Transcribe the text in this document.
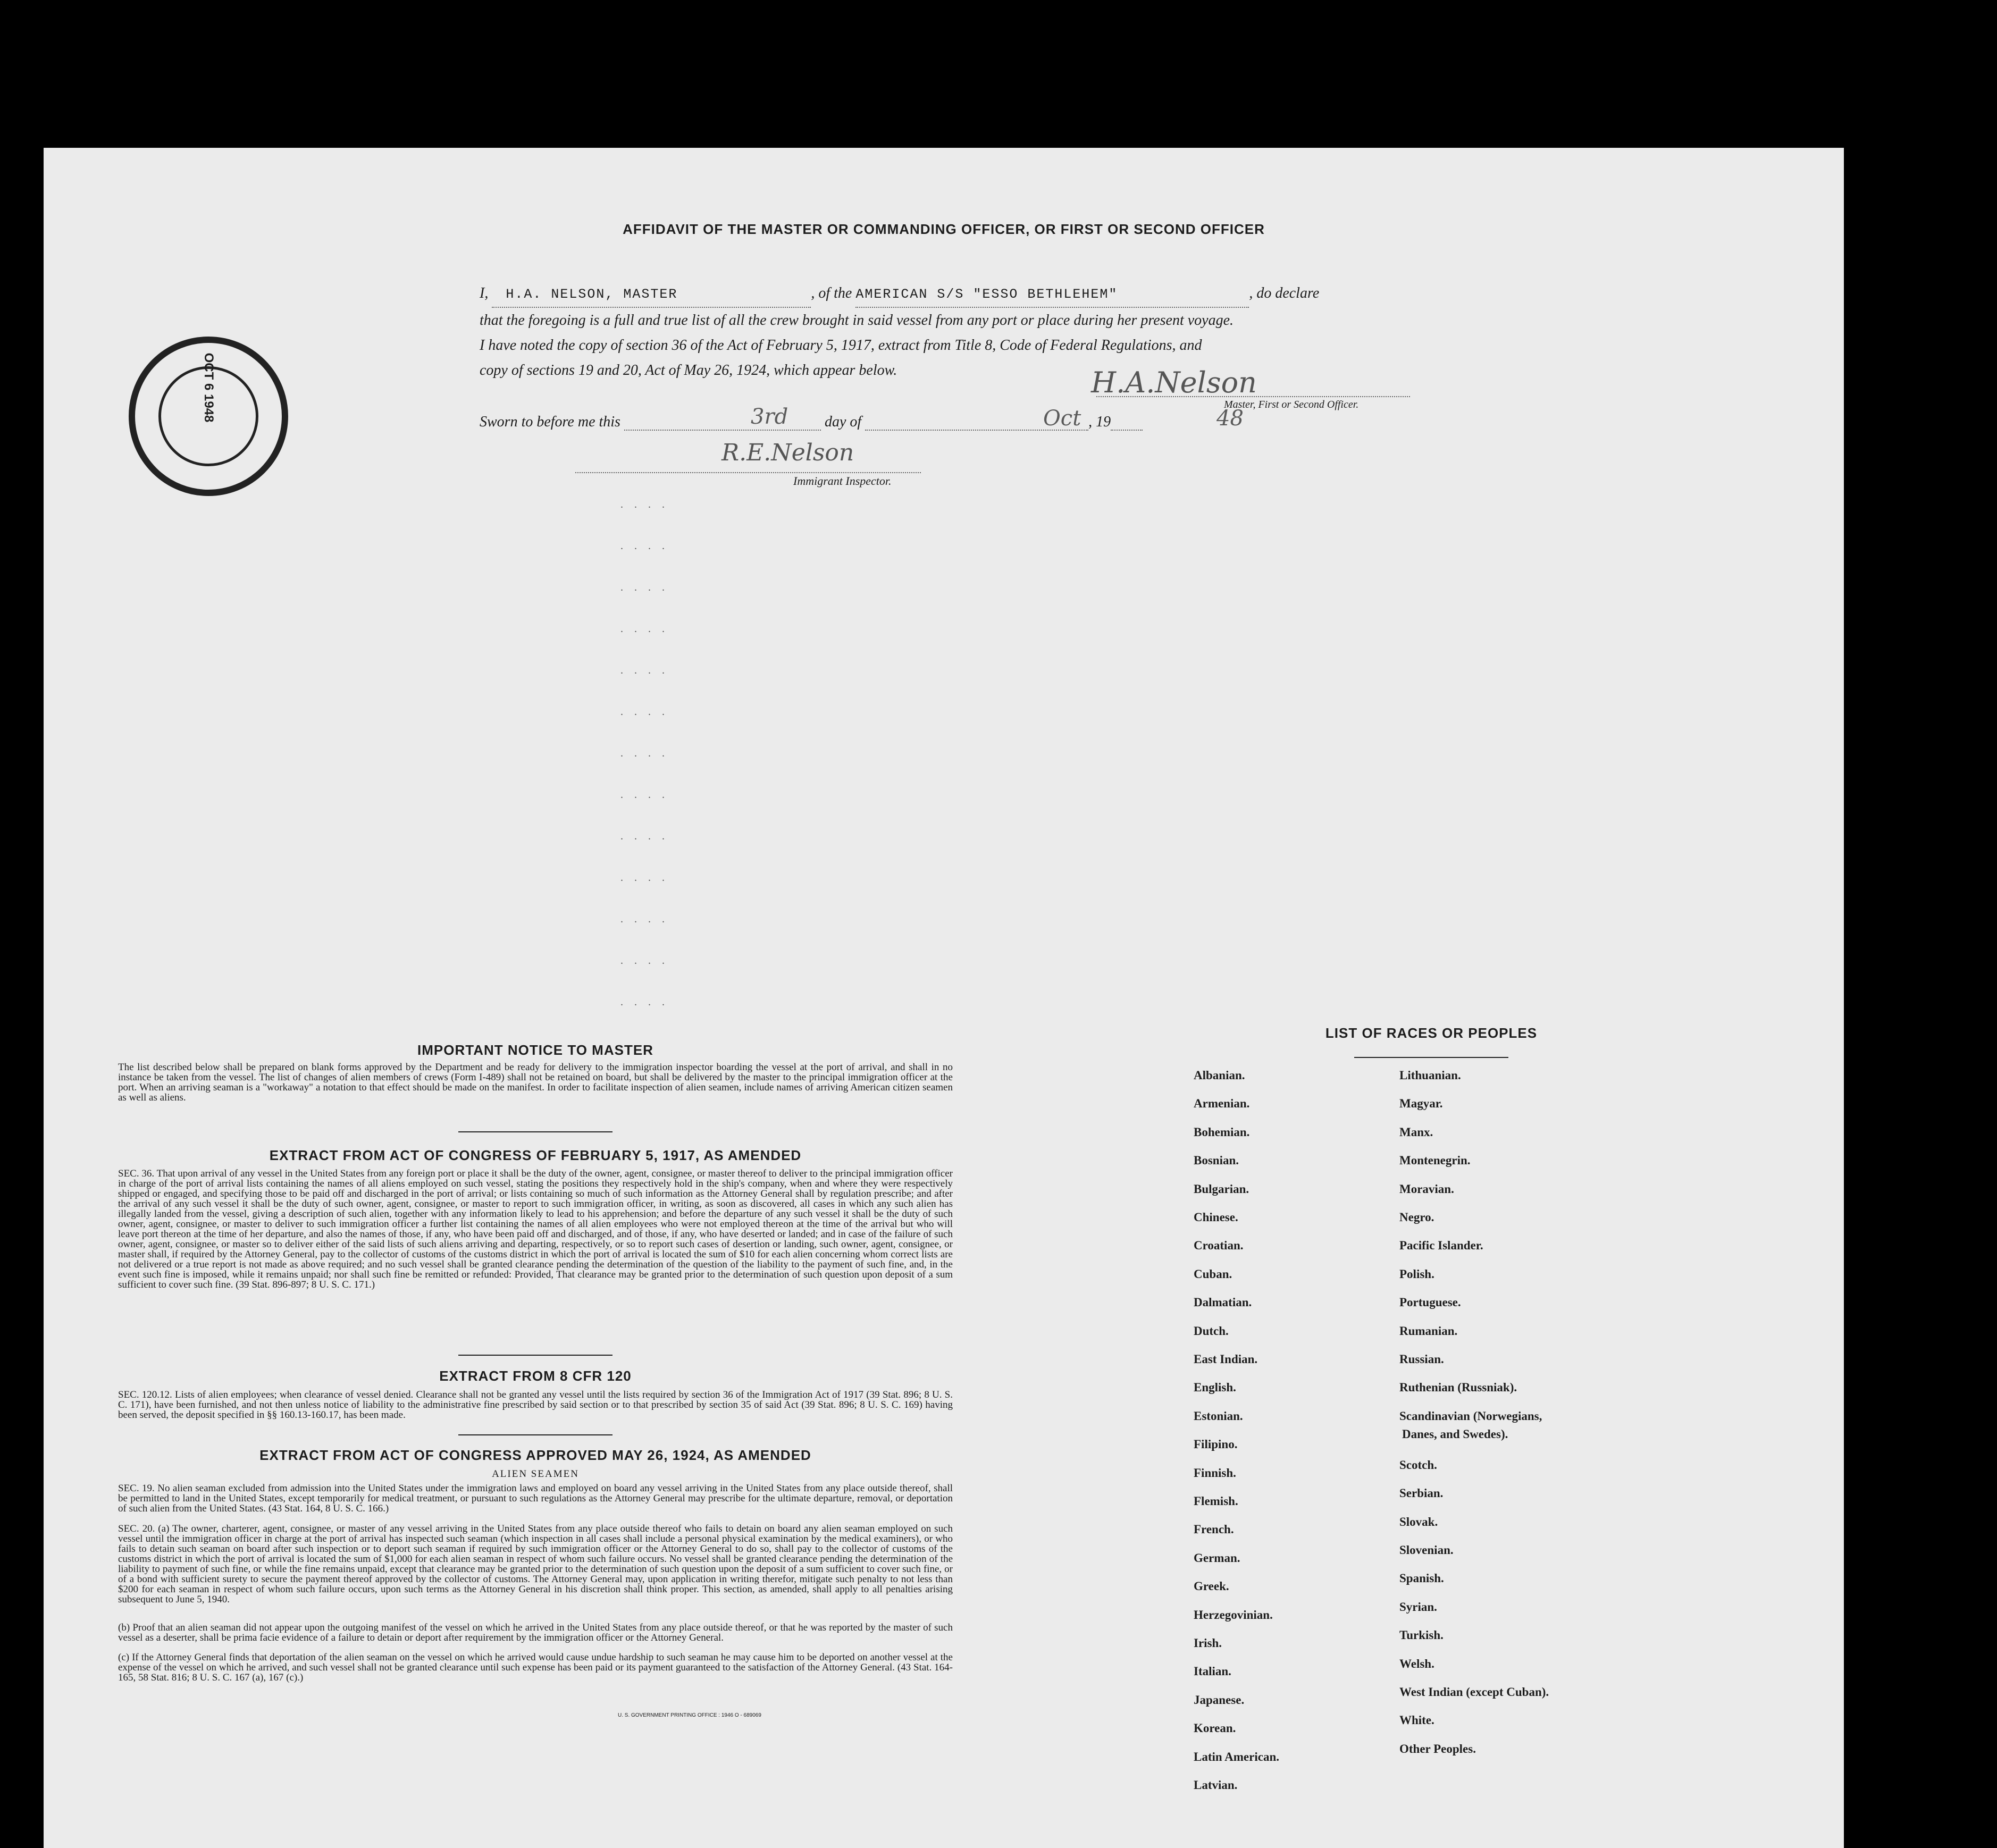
AFFIDAVIT OF THE MASTER OR COMMANDING OFFICER, OR FIRST OR SECOND OFFICER
I, H.A. NELSON, MASTER	, of the AMERICAN S/S "ESSO BETHLEHEM"	, do declare
that the foregoing is a full and true list of all the crew brought in said vessel from any port or place during her present voyage.
I have noted the copy of section 36 of the Act of February 5, 1917, extract from Title 8, Code of Federal Regulations, and
copy of sections 19 and 20, Act of May 26, 1924, which appear below.
OCT 6 1948	H.A.Nelson
Master, First or Second Officer.
Sworn to before me this	day of	, 19
3rd	Oct	48
R.E.Nelson
Immigrant Inspector.
. . . .
. . . .
. . . .
. . . .
. . . .
. . . .
. . . .
. . . .
. . . .
. . . .
. . . .
. . . .
. . . .
IMPORTANT NOTICE TO MASTER
The list described below shall be prepared on blank forms approved by the Department and be ready for delivery to the immigration inspector boarding the vessel at the port of arrival, and shall in no instance be taken from the vessel. The list of changes of alien members of crews (Form I-489) shall not be retained on board, but shall be delivered by the master to the principal immigration officer at the port. When an arriving seaman is a "workaway" a notation to that effect should be made on the manifest. In order to facilitate inspection of alien seamen, include names of arriving American citizen seamen as well as aliens.
EXTRACT FROM ACT OF CONGRESS OF FEBRUARY 5, 1917, AS AMENDED
SEC. 36. That upon arrival of any vessel in the United States from any foreign port or place it shall be the duty of the owner, agent, consignee, or master thereof to deliver to the principal immigration officer in charge of the port of arrival lists containing the names of all aliens employed on such vessel, stating the positions they respectively hold in the ship's company, when and where they were respectively shipped or engaged, and specifying those to be paid off and discharged in the port of arrival; or lists containing so much of such information as the Attorney General shall by regulation prescribe; and after the arrival of any such vessel it shall be the duty of such owner, agent, consignee, or master to report to such immigration officer, in writing, as soon as discovered, all cases in which any such alien has illegally landed from the vessel, giving a description of such alien, together with any information likely to lead to his apprehension; and before the departure of any such vessel it shall be the duty of such owner, agent, consignee, or master to deliver to such immigration officer a further list containing the names of all alien employees who were not employed thereon at the time of the arrival but who will leave port thereon at the time of her departure, and also the names of those, if any, who have been paid off and discharged, and of those, if any, who have deserted or landed; and in case of the failure of such owner, agent, consignee, or master so to deliver either of the said lists of such aliens arriving and departing, respectively, or so to report such cases of desertion or landing, such owner, agent, consignee, or master shall, if required by the Attorney General, pay to the collector of customs of the customs district in which the port of arrival is located the sum of $10 for each alien concerning whom correct lists are not delivered or a true report is not made as above required; and no such vessel shall be granted clearance pending the determination of the question of the liability to the payment of such fine, and, in the event such fine is imposed, while it remains unpaid; nor shall such fine be remitted or refunded: Provided, That clearance may be granted prior to the determination of such question upon deposit of a sum sufficient to cover such fine. (39 Stat. 896-897; 8 U. S. C. 171.)
EXTRACT FROM 8 CFR 120
SEC. 120.12. Lists of alien employees; when clearance of vessel denied. Clearance shall not be granted any vessel until the lists required by section 36 of the Immigration Act of 1917 (39 Stat. 896; 8 U. S. C. 171), have been furnished, and not then unless notice of liability to the administrative fine prescribed by said section or to that prescribed by section 35 of said Act (39 Stat. 896; 8 U. S. C. 169) having been served, the deposit specified in §§ 160.13-160.17, has been made.
EXTRACT FROM ACT OF CONGRESS APPROVED MAY 26, 1924, AS AMENDED
ALIEN SEAMEN
SEC. 19. No alien seaman excluded from admission into the United States under the immigration laws and employed on board any vessel arriving in the United States from any place outside thereof, shall be permitted to land in the United States, except temporarily for medical treatment, or pursuant to such regulations as the Attorney General may prescribe for the ultimate departure, removal, or deportation of such alien from the United States. (43 Stat. 164, 8 U. S. C. 166.)
SEC. 20. (a) The owner, charterer, agent, consignee, or master of any vessel arriving in the United States from any place outside thereof who fails to detain on board any alien seaman employed on such vessel until the immigration officer in charge at the port of arrival has inspected such seaman (which inspection in all cases shall include a personal physical examination by the medical examiners), or who fails to detain such seaman on board after such inspection or to deport such seaman if required by such immigration officer or the Attorney General to do so, shall pay to the collector of customs of the customs district in which the port of arrival is located the sum of $1,000 for each alien seaman in respect of whom such failure occurs. No vessel shall be granted clearance pending the determination of the liability to payment of such fine, or while the fine remains unpaid, except that clearance may be granted prior to the determination of such question upon the deposit of a sum sufficient to cover such fine, or of a bond with sufficient surety to secure the payment thereof approved by the collector of customs. The Attorney General may, upon application in writing therefor, mitigate such penalty to not less than $200 for each seaman in respect of whom such failure occurs, upon such terms as the Attorney General in his discretion shall think proper. This section, as amended, shall apply to all penalties arising subsequent to June 5, 1940.
(b) Proof that an alien seaman did not appear upon the outgoing manifest of the vessel on which he arrived in the United States from any place outside thereof, or that he was reported by the master of such vessel as a deserter, shall be prima facie evidence of a failure to detain or deport after requirement by the immigration officer or the Attorney General.
(c) If the Attorney General finds that deportation of the alien seaman on the vessel on which he arrived would cause undue hardship to such seaman he may cause him to be deported on another vessel at the expense of the vessel on which he arrived, and such vessel shall not be granted clearance until such expense has been paid or its payment guaranteed to the satisfaction of the Attorney General. (43 Stat. 164-165, 58 Stat. 816; 8 U. S. C. 167 (a), 167 (c).)
U. S. GOVERNMENT PRINTING OFFICE : 1946 O - 689069
LIST OF RACES OR PEOPLES
Albanian.
Armenian.
Bohemian.
Bosnian.
Bulgarian.
Chinese.
Croatian.
Cuban.
Dalmatian.
Dutch.
East Indian.
English.
Estonian.
Filipino.
Finnish.
Flemish.
French.
German.
Greek.
Herzegovinian.
Irish.
Italian.
Japanese.
Korean.
Latin American.
Latvian.
Lithuanian.
Magyar.
Manx.
Montenegrin.
Moravian.
Negro.
Pacific Islander.
Polish.
Portuguese.
Rumanian.
Russian.
Ruthenian (Russniak).
Scandinavian (Norwegians,
Danes, and Swedes).
Scotch.
Serbian.
Slovak.
Slovenian.
Spanish.
Syrian.
Turkish.
Welsh.
West Indian (except Cuban).
White.
Other Peoples.
